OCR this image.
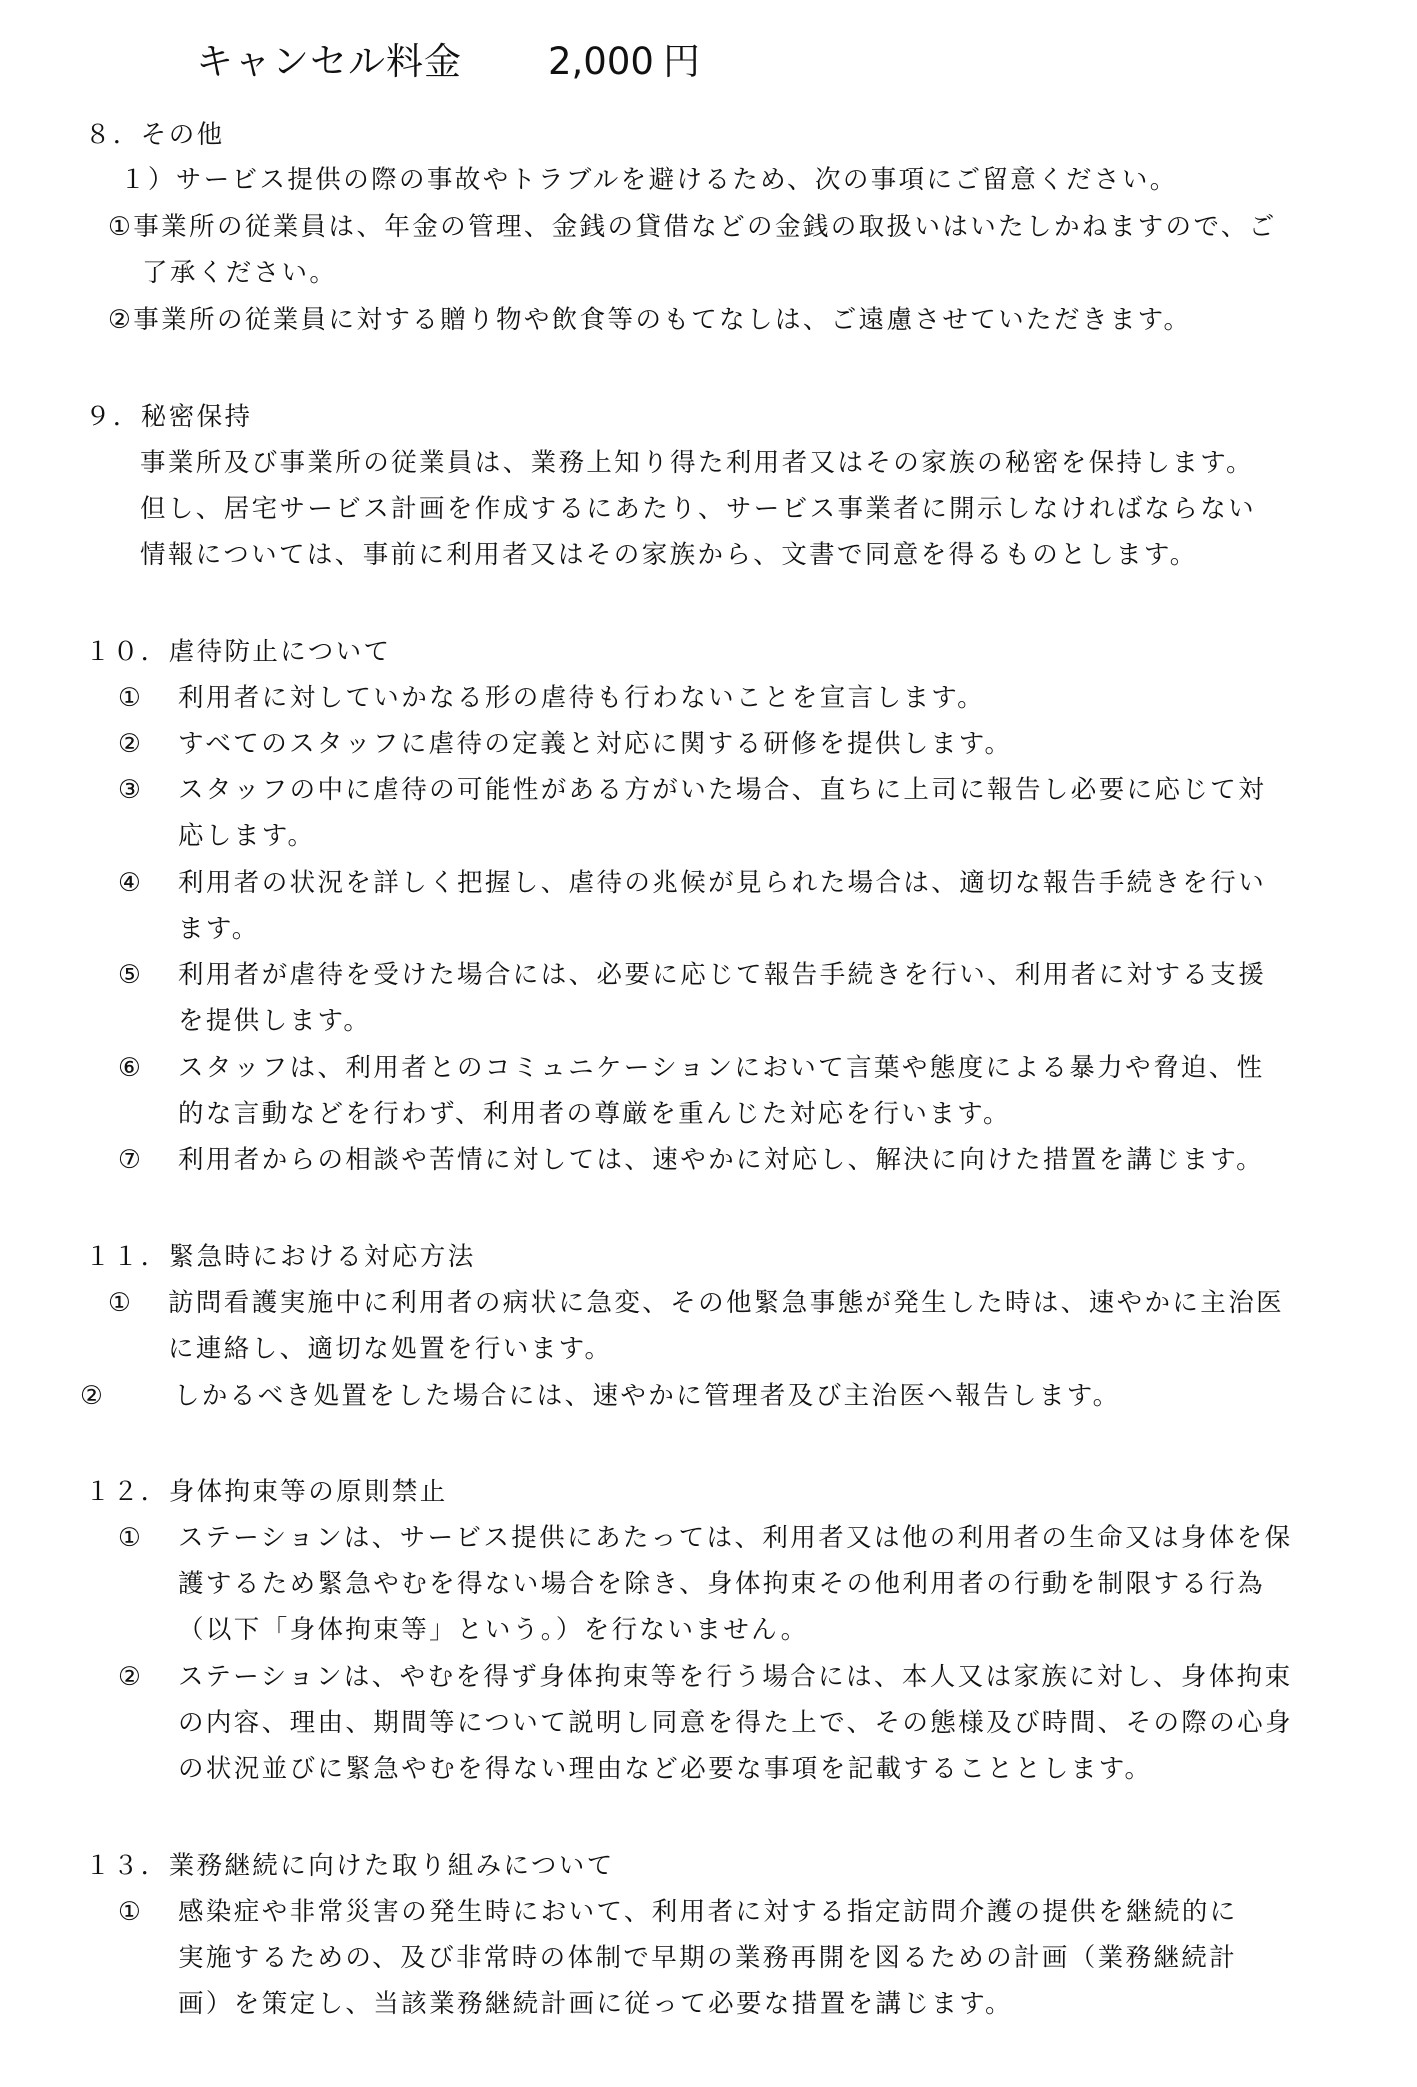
キャンセル料金 2,000 円
８．その他
１）サービス提供の際の事故やトラブルを避けるため、次の事項にご留意ください。
①事業所の従業員は、年金の管理、金銭の貸借などの金銭の取扱いはいたしかねますので、ご
了承ください。
②事業所の従業員に対する贈り物や飲食等のもてなしは、ご遠慮させていただきます。
９．秘密保持
事業所及び事業所の従業員は、業務上知り得た利用者又はその家族の秘密を保持します。
但し、居宅サービス計画を作成するにあたり、サービス事業者に開示しなければならない
情報については、事前に利用者又はその家族から、文書で同意を得るものとします。
１０．虐待防止について
① 利用者に対していかなる形の虐待も行わないことを宣言します。
② すべてのスタッフに虐待の定義と対応に関する研修を提供します。
③ スタッフの中に虐待の可能性がある方がいた場合、直ちに上司に報告し必要に応じて対
応します。
④ 利用者の状況を詳しく把握し、虐待の兆候が見られた場合は、適切な報告手続きを行い
ます。
⑤ 利用者が虐待を受けた場合には、必要に応じて報告手続きを行い、利用者に対する支援
を提供します。
⑥ スタッフは、利用者とのコミュニケーションにおいて言葉や態度による暴力や脅迫、性
的な言動などを行わず、利用者の尊厳を重んじた対応を行います。
⑦ 利用者からの相談や苦情に対しては、速やかに対応し、解決に向けた措置を講じます。
１１．緊急時における対応方法
① 訪問看護実施中に利用者の病状に急変、その他緊急事態が発生した時は、速やかに主治医
に連絡し、適切な処置を行います。
②	しかるべき処置をした場合には、速やかに管理者及び主治医へ報告します。
１２．身体拘束等の原則禁止
① ステーションは、サービス提供にあたっては、利用者又は他の利用者の生命又は身体を保
護するため緊急やむを得ない場合を除き、身体拘束その他利用者の行動を制限する行為
（以下「身体拘束等」という。）を行ないません。
② ステーションは、やむを得ず身体拘束等を行う場合には、本人又は家族に対し、身体拘束
の内容、理由、期間等について説明し同意を得た上で、その態様及び時間、その際の心身
の状況並びに緊急やむを得ない理由など必要な事項を記載することとします。
１３．業務継続に向けた取り組みについて
① 感染症や非常災害の発生時において、利用者に対する指定訪問介護の提供を継続的に
実施するための、及び非常時の体制で早期の業務再開を図るための計画（業務継続計
画）を策定し、当該業務継続計画に従って必要な措置を講じます。
